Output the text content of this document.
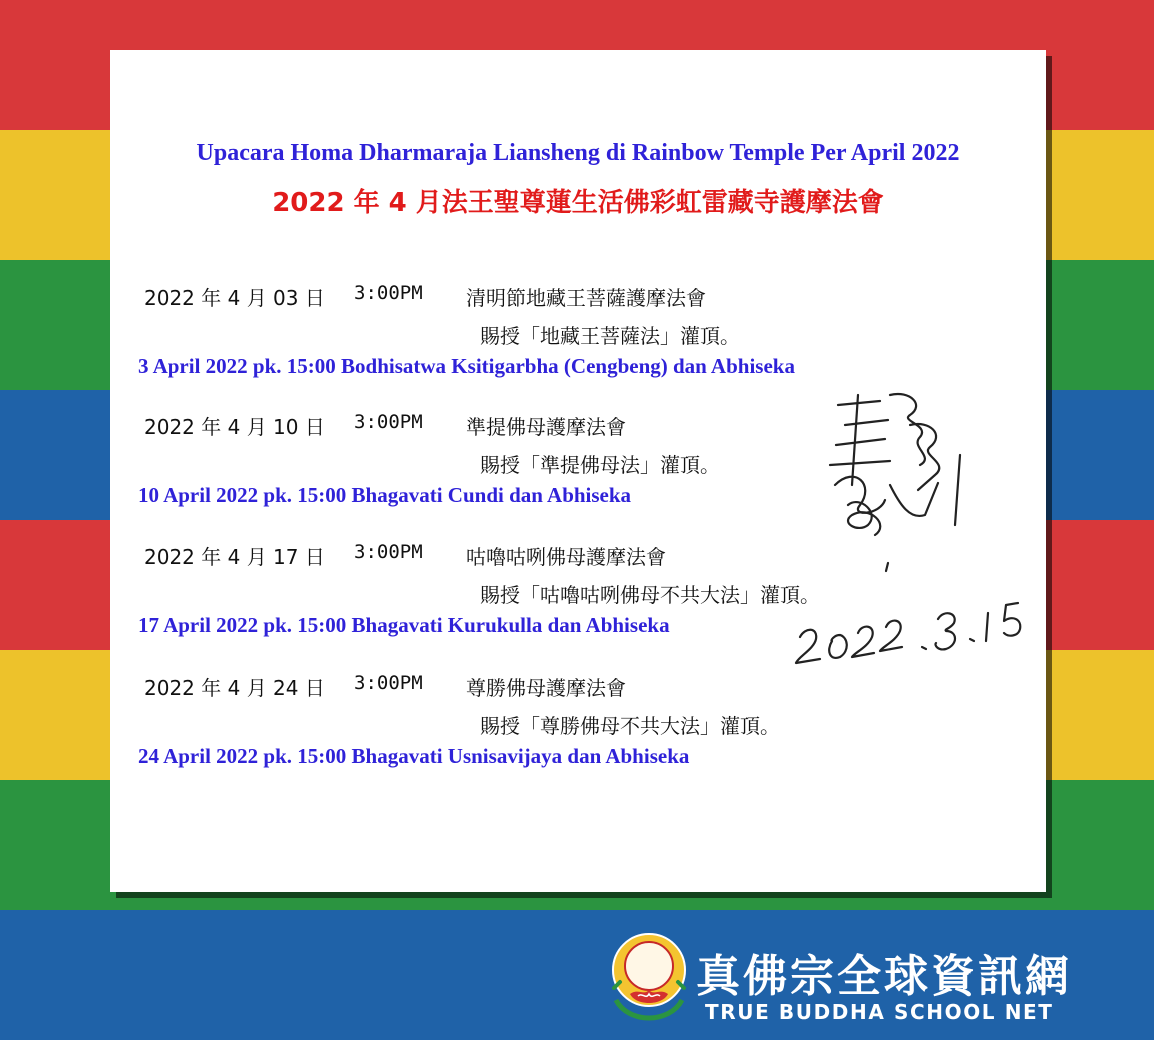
Upacara Homa Dharmaraja Liansheng di Rainbow Temple Per April 2022
2022 年 4 月法王聖尊蓮生活佛彩虹雷藏寺護摩法會
2022 年 4 月 03 日 3:00PM 清明節地藏王菩薩護摩法會
賜授「地藏王菩薩法」灌頂。
3 April 2022 pk. 15:00 Bodhisatwa Ksitigarbha (Cengbeng) dan Abhiseka
2022 年 4 月 10 日 3:00PM 準提佛母護摩法會
賜授「準提佛母法」灌頂。
10 April 2022 pk. 15:00 Bhagavati Cundi dan Abhiseka
2022 年 4 月 17 日 3:00PM 咕嚕咕咧佛母護摩法會
賜授「咕嚕咕咧佛母不共大法」灌頂。
17 April 2022 pk. 15:00 Bhagavati Kurukulla dan Abhiseka
2022 年 4 月 24 日 3:00PM 尊勝佛母護摩法會
賜授「尊勝佛母不共大法」灌頂。
24 April 2022 pk. 15:00 Bhagavati Usnisavijaya dan Abhiseka
真佛宗全球資訊網
TRUE BUDDHA SCHOOL NET
